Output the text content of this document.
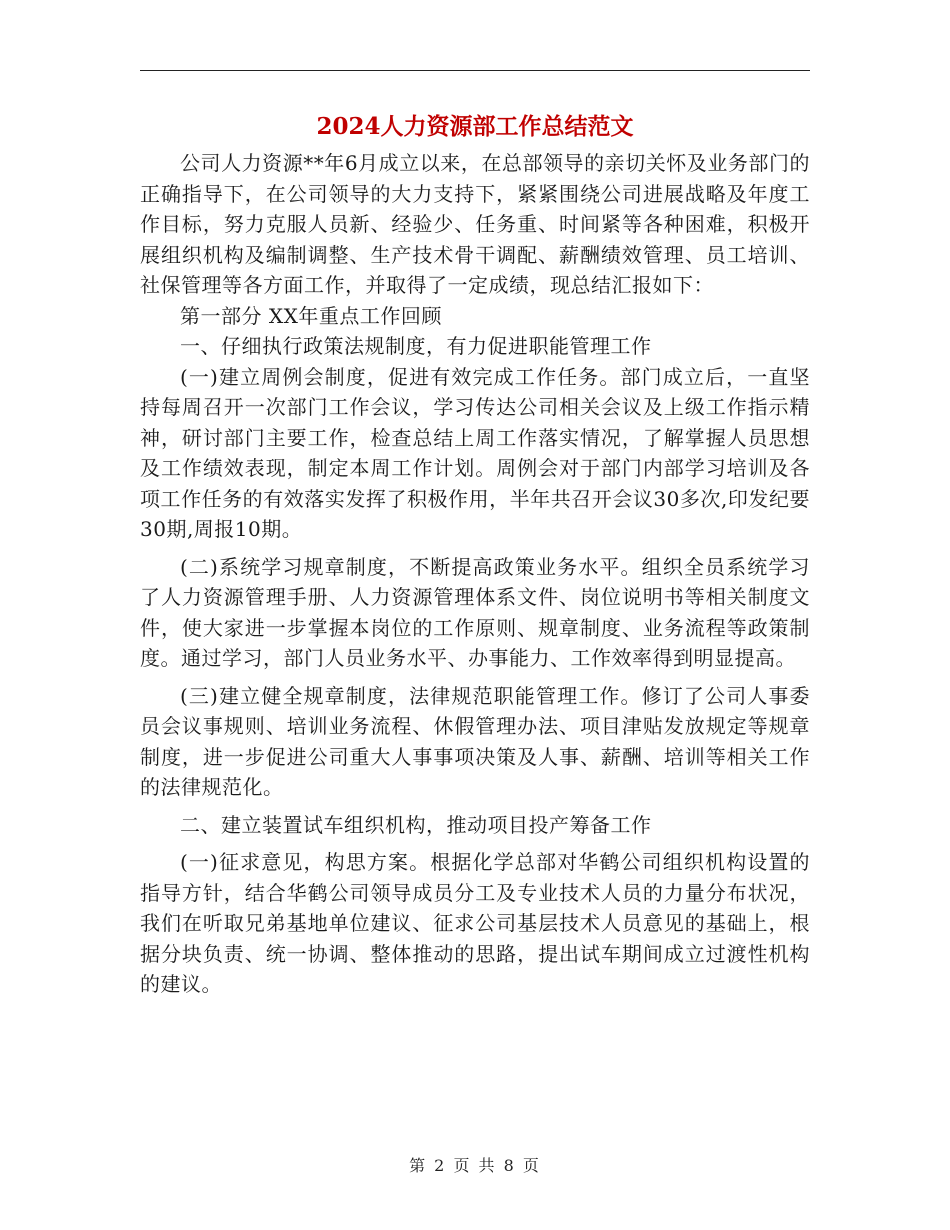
2024人力资源部工作总结范文

公司人力资源**年6月成立以来，在总部领导的亲切关怀及业务部门的正确指导下，在公司领导的大力支持下，紧紧围绕公司进展战略及年度工作目标，努力克服人员新、经验少、任务重、时间紧等各种困难，积极开展组织机构及编制调整、生产技术骨干调配、薪酬绩效管理、员工培训、社保管理等各方面工作，并取得了一定成绩，现总结汇报如下：

第一部分 XX年重点工作回顾

一、仔细执行政策法规制度，有力促进职能管理工作

(一)建立周例会制度，促进有效完成工作任务。部门成立后，一直坚持每周召开一次部门工作会议，学习传达公司相关会议及上级工作指示精神，研讨部门主要工作，检查总结上周工作落实情况，了解掌握人员思想及工作绩效表现，制定本周工作计划。周例会对于部门内部学习培训及各项工作任务的有效落实发挥了积极作用，半年共召开会议30多次,印发纪要30期,周报10期。

(二)系统学习规章制度，不断提高政策业务水平。组织全员系统学习了人力资源管理手册、人力资源管理体系文件、岗位说明书等相关制度文件，使大家进一步掌握本岗位的工作原则、规章制度、业务流程等政策制度。通过学习，部门人员业务水平、办事能力、工作效率得到明显提高。

(三)建立健全规章制度，法律规范职能管理工作。修订了公司人事委员会议事规则、培训业务流程、休假管理办法、项目津贴发放规定等规章制度，进一步促进公司重大人事事项决策及人事、薪酬、培训等相关工作的法律规范化。

二、建立装置试车组织机构，推动项目投产筹备工作

(一)征求意见，构思方案。根据化学总部对华鹤公司组织机构设置的指导方针，结合华鹤公司领导成员分工及专业技术人员的力量分布状况，我们在听取兄弟基地单位建议、征求公司基层技术人员意见的基础上，根据分块负责、统一协调、整体推动的思路，提出试车期间成立过渡性机构的建议。

第 2 页 共 8 页
